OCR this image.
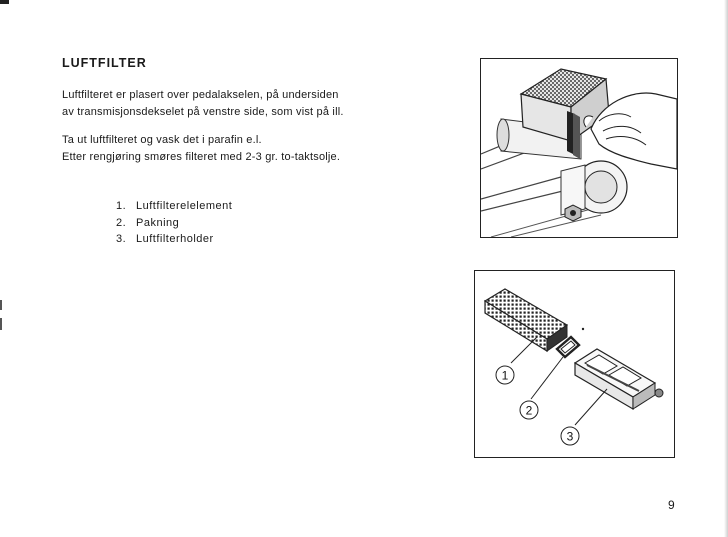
LUFTFILTER
Luftfilteret er plasert over pedalakselen, på undersiden
av transmisjonsdekselet på venstre side, som vist på ill.
Ta ut luftfilteret og vask det i parafin e.l.
Etter rengjøring smøres filteret med 2-3 gr. to-taktsolje.
1. Luftfilterelelement
2. Pakning
3. Luftfilterholder
1
2
3
9
